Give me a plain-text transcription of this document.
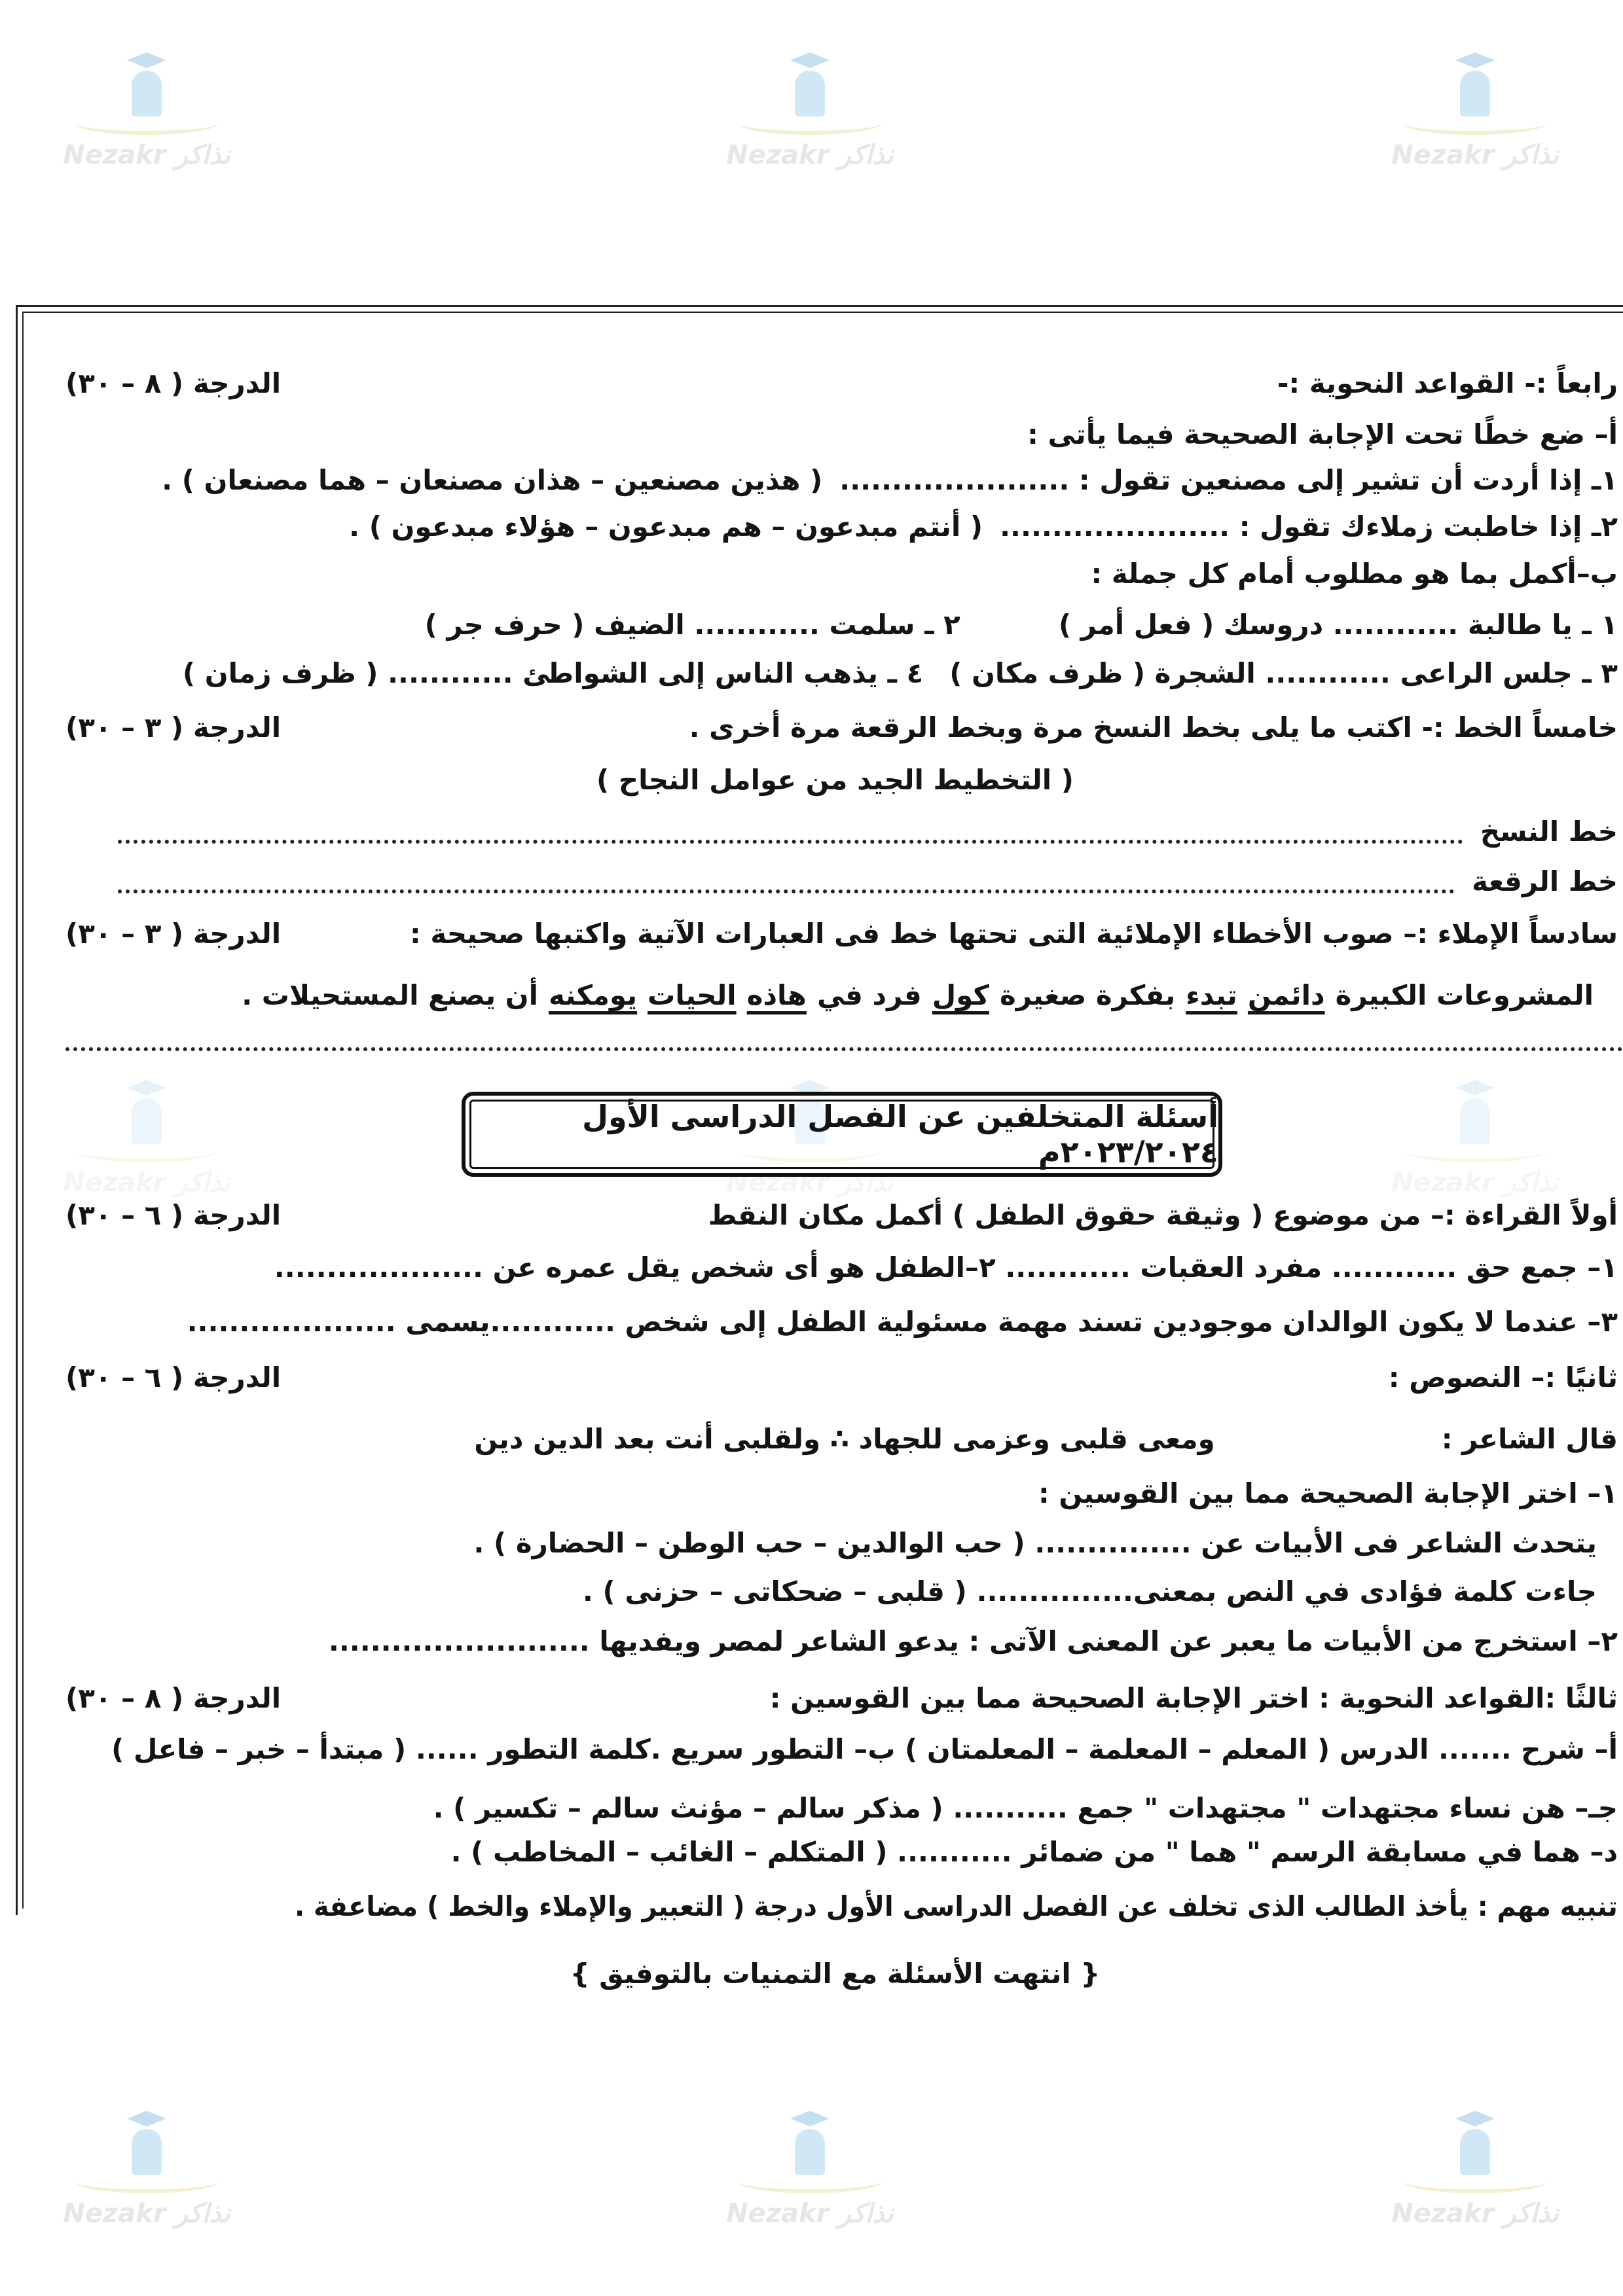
Nezakr نذاكر	Nezakr نذاكر	Nezakr نذاكر
Nezakr نذاكر	Nezakr نذاكر	Nezakr نذاكر
Nezakr نذاكر	Nezakr نذاكر	Nezakr نذاكر
رابعاً :- القواعد النحوية :-
الدرجة ( ٨ – ٣٠)
أ– ضع خطًا تحت الإجابة الصحيحة فيما يأتى :
١ـ إذا أردت أن تشير إلى مصنعين تقول : ......................
( هذين مصنعين – هذان مصنعان – هما مصنعان ) .
٢ـ إذا خاطبت زملاءك تقول : ......................
( أنتم مبدعون – هم مبدعون – هؤلاء مبدعون ) .
ب–أكمل بما هو مطلوب أمام كل جملة :
١ ـ يا طالبة ............ دروسك ( فعل أمر )
٢ ـ سلمت ............ الضيف ( حرف جر )
٣ ـ جلس الراعى ............ الشجرة ( ظرف مكان )
٤ ـ يذهب الناس إلى الشواطئ ............ ( ظرف زمان )
خامساً الخط :- اكتب ما يلى بخط النسخ مرة وبخط الرقعة مرة أخرى .
الدرجة ( ٣ – ٣٠)
( التخطيط الجيد من عوامل النجاح )
خط النسخ
خط الرقعة
سادساً الإملاء :– صوب الأخطاء الإملائية التى تحتها خط فى العبارات الآتية واكتبها صحيحة :
الدرجة ( ٣ – ٣٠)
المشروعات الكبيرة
دائمن
تبدء
بفكرة صغيرة
كول
فرد في
هاذه
الحيات
يومكنه
أن يصنع المستحيلات .
أسئلة المتخلفين عن الفصل الدراسى الأول ٢٠٢٣/٢٠٢٤م
أولاً القراءة :– من موضوع ( وثيقة حقوق الطفل ) أكمل مكان النقط
الدرجة ( ٦ – ٣٠)
١– جمع حق ............ مفرد العقبات ............ ٢–الطفل هو أى شخص يقل عمره عن ....................
٣– عندما لا يكون الوالدان موجودين تسند مهمة مسئولية الطفل إلى شخص ............يسمى ....................
ثانيًا :– النصوص :
الدرجة ( ٦ – ٣٠)
قال الشاعر :
ومعى قلبى وعزمى للجهاد ∴ ولقلبى أنت بعد الدين دين
١– اختر الإجابة الصحيحة مما بين القوسين :
يتحدث الشاعر فى الأبيات عن ............... ( حب الوالدين – حب الوطن – الحضارة ) .
جاءت كلمة فؤادى في النص بمعنى............... ( قلبى – ضحكاتى – حزنى ) .
٢– استخرج من الأبيات ما يعبر عن المعنى الآتى : يدعو الشاعر لمصر ويفديها .........................
ثالثًا :القواعد النحوية : اختر الإجابة الصحيحة مما بين القوسين :
الدرجة ( ٨ – ٣٠)
أ– شرح ....... الدرس ( المعلم – المعلمة – المعلمتان ) ب– التطور سريع .كلمة التطور ...... ( مبتدأ – خبر – فاعل )
جـ– هن نساء مجتهدات " مجتهدات " جمع ........... ( مذكر سالم – مؤنث سالم – تكسير ) .
د– هما في مسابقة الرسم " هما " من ضمائر ........... ( المتكلم – الغائب – المخاطب ) .
تنبيه مهم : يأخذ الطالب الذى تخلف عن الفصل الدراسى الأول درجة ( التعبير والإملاء والخط ) مضاعفة .
{ انتهت الأسئلة مع التمنيات بالتوفيق }
